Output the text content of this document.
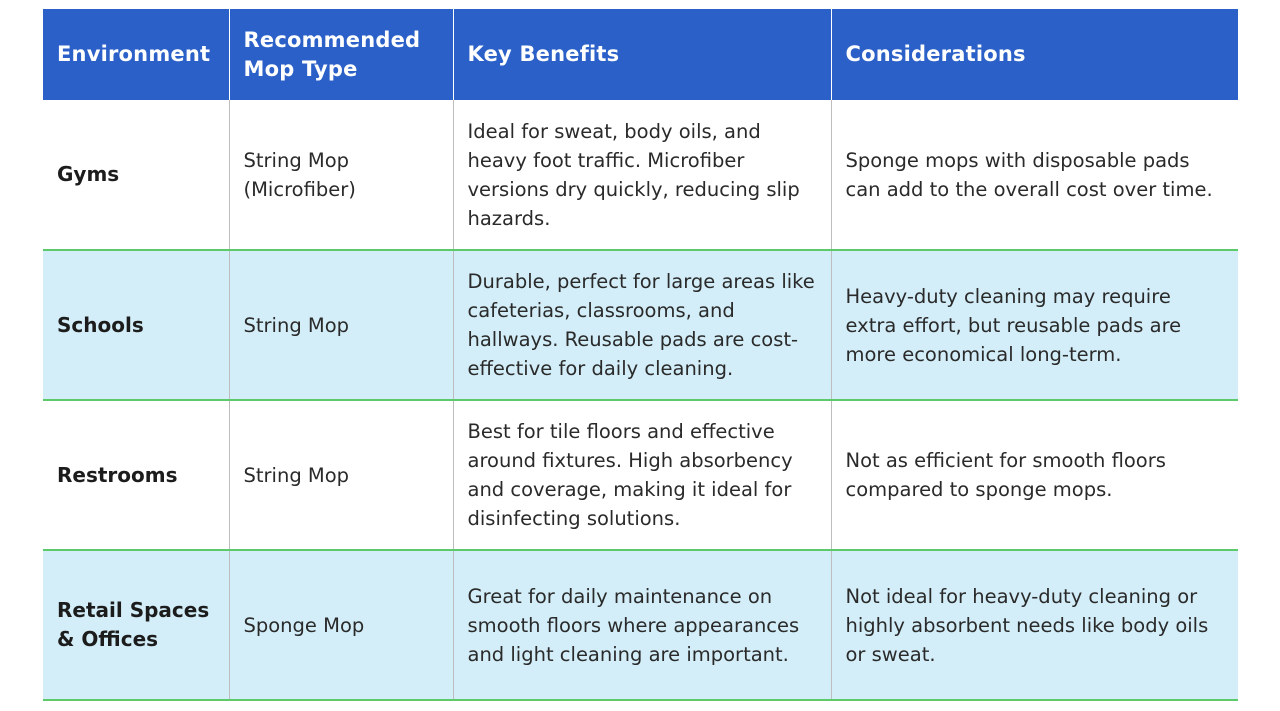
Environment	Recommended Mop Type	Key Benefits	Considerations
Gyms	String Mop (Microfiber)	Ideal for sweat, body oils, and heavy foot traffic. Microfiber versions dry quickly, reducing slip hazards.	Sponge mops with disposable pads can add to the overall cost over time.
Schools	String Mop	Durable, perfect for large areas like cafeterias, classrooms, and hallways. Reusable pads are cost-effective for daily cleaning.	Heavy-duty cleaning may require extra effort, but reusable pads are more economical long-term.
Restrooms	String Mop	Best for tile floors and effective around fixtures. High absorbency and coverage, making it ideal for disinfecting solutions.	Not as efficient for smooth floors compared to sponge mops.
Retail Spaces & Offices	Sponge Mop	Great for daily maintenance on smooth floors where appearances and light cleaning are important.	Not ideal for heavy-duty cleaning or highly absorbent needs like body oils or sweat.
